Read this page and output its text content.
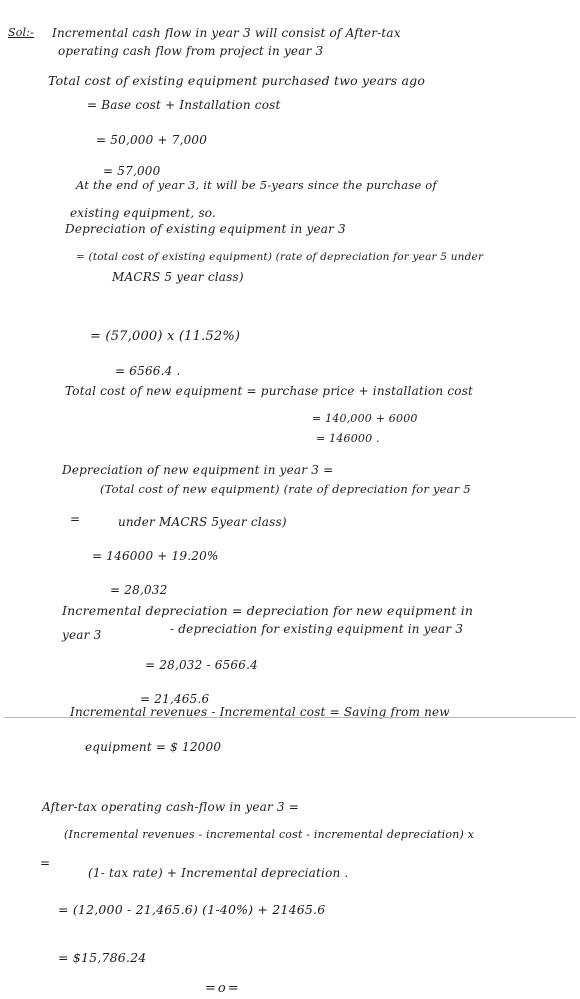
Sol:- Incremental cash flow in year 3 will consist of After-tax
operating cash flow from project in year 3
Total cost of existing equipment purchased two years ago
= Base cost + Installation cost
= 50,000 + 7,000
= 57,000
At the end of year 3, it will be 5-years since the purchase of
existing equipment, so.
Depreciation of existing equipment in year 3
= (total cost of existing equipment) (rate of depreciation for year 5 under
MACRS 5 year class)
= (57,000) x (11.52%)
= 6566.4 .
Total cost of new equipment = purchase price + installation cost
= 140,000 + 6000
= 146000 .
Depreciation of new equipment in year 3 =
(Total cost of new equipment) (rate of depreciation for year 5
=	under MACRS 5year class)
= 146000 + 19.20%
= 28,032
Incremental depreciation = depreciation for new equipment in
year 3	- depreciation for existing equipment in year 3
= 28,032 - 6566.4
= 21,465.6
Incremental revenues - Incremental cost = Saving from new
equipment = $ 12000
After-tax operating cash-flow in year 3 =
(Incremental revenues - incremental cost - incremental depreciation) x
=
(1- tax rate) + Incremental depreciation .
= (12,000 - 21,465.6) (1-40%) + 21465.6
= $15,786.24
=o=
